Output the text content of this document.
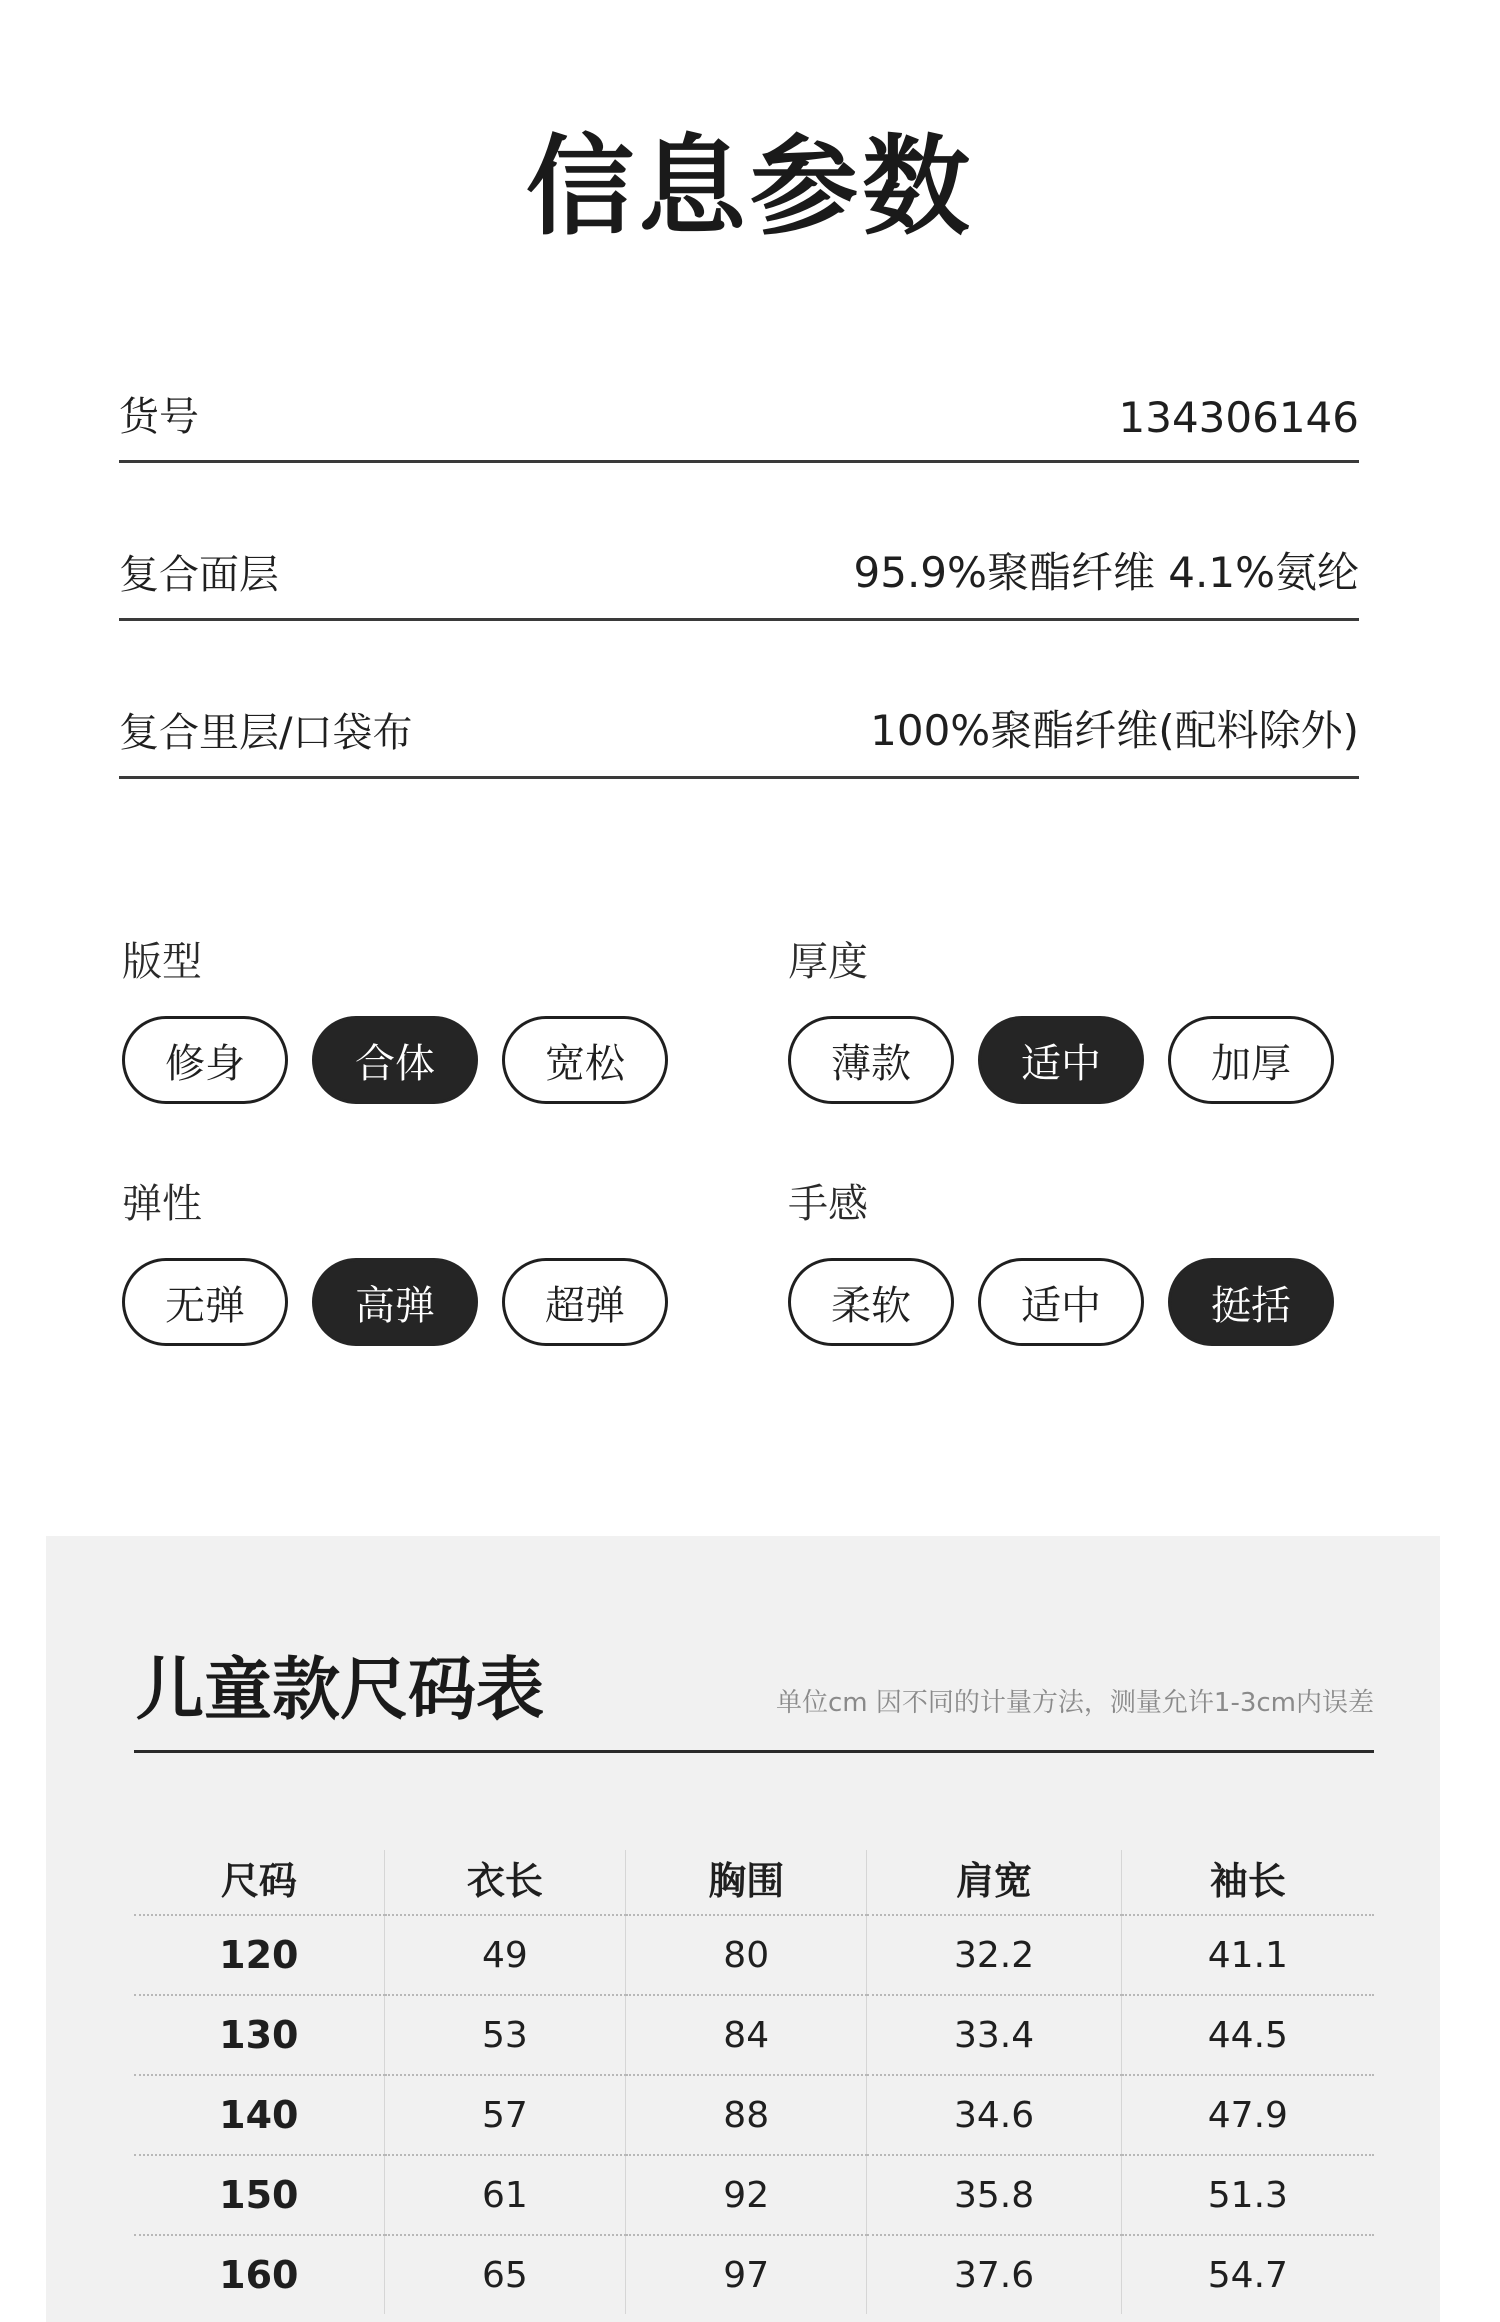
信息参数
货号	134306146
复合面层	95.9%聚酯纤维 4.1%氨纶
复合里层/口袋布	100%聚酯纤维(配料除外)
版型
修身	合体	宽松
厚度
薄款	适中	加厚
弹性
无弹	高弹	超弹
手感
柔软	适中	挺括
儿童款尺码表	单位cm 因不同的计量方法，测量允许1-3cm内误差
尺码	衣长	胸围	肩宽	袖长
120	49	80	32.2	41.1
130	53	84	33.4	44.5
140	57	88	34.6	47.9
150	61	92	35.8	51.3
160	65	97	37.6	54.7
